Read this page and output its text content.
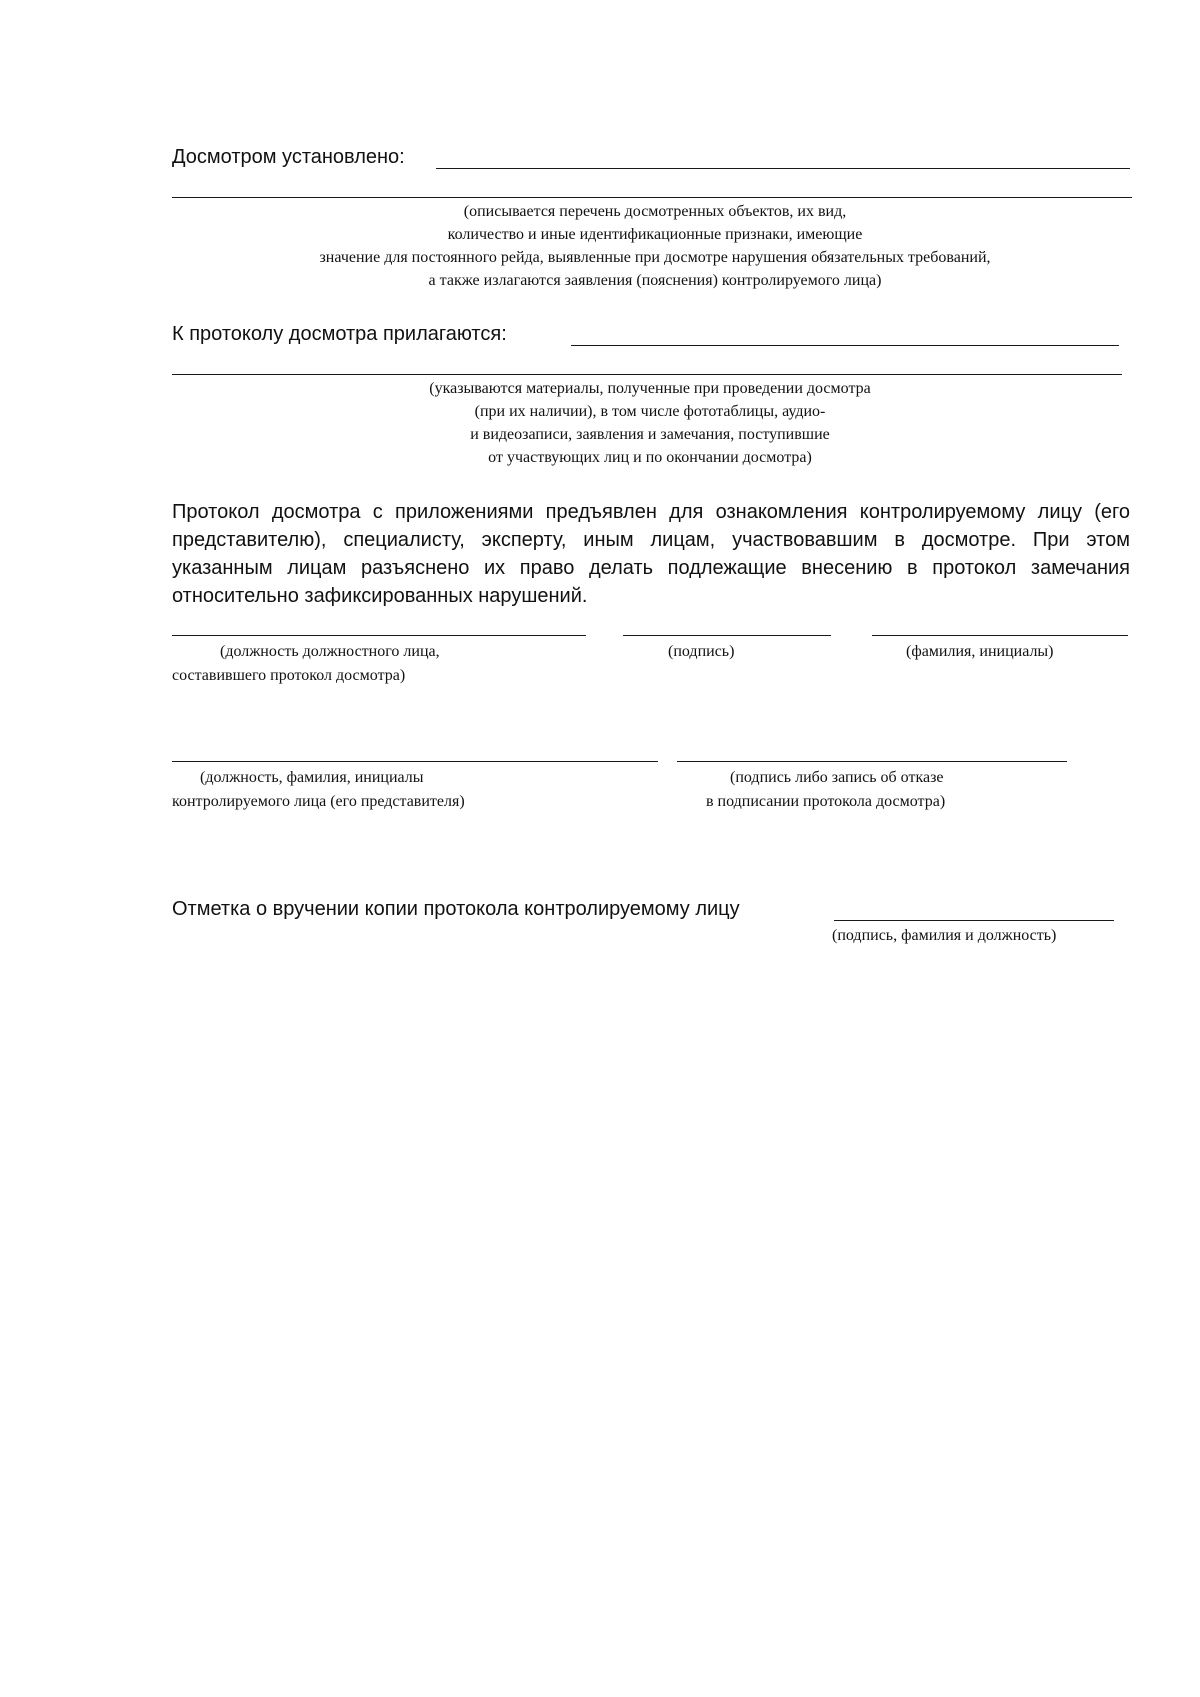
Досмотром установлено:
(описывается перечень досмотренных объектов, их вид,
количество и иные идентификационные признаки, имеющие
значение для постоянного рейда, выявленные при досмотре нарушения обязательных требований,
а также излагаются заявления (пояснения) контролируемого лица)
К протоколу досмотра прилагаются:
(указываются материалы, полученные при проведении досмотра
(при их наличии), в том числе фототаблицы, аудио-
и видеозаписи, заявления и замечания, поступившие
от участвующих лиц и по окончании досмотра)
Протокол досмотра с приложениями предъявлен для ознакомления контролируемому лицу (его представителю), специалисту, эксперту, иным лицам, участвовавшим в досмотре. При этом указанным лицам разъяснено их право делать подлежащие внесению в протокол замечания относительно зафиксированных нарушений.
(должность должностного лица,
составившего протокол досмотра)
(подпись)	(фамилия, инициалы)
(должность, фамилия, инициалы
контролируемого лица (его представителя)
(подпись либо запись об отказе
в подписании протокола досмотра)
Отметка о вручении копии протокола контролируемому лицу
(подпись, фамилия и должность)
